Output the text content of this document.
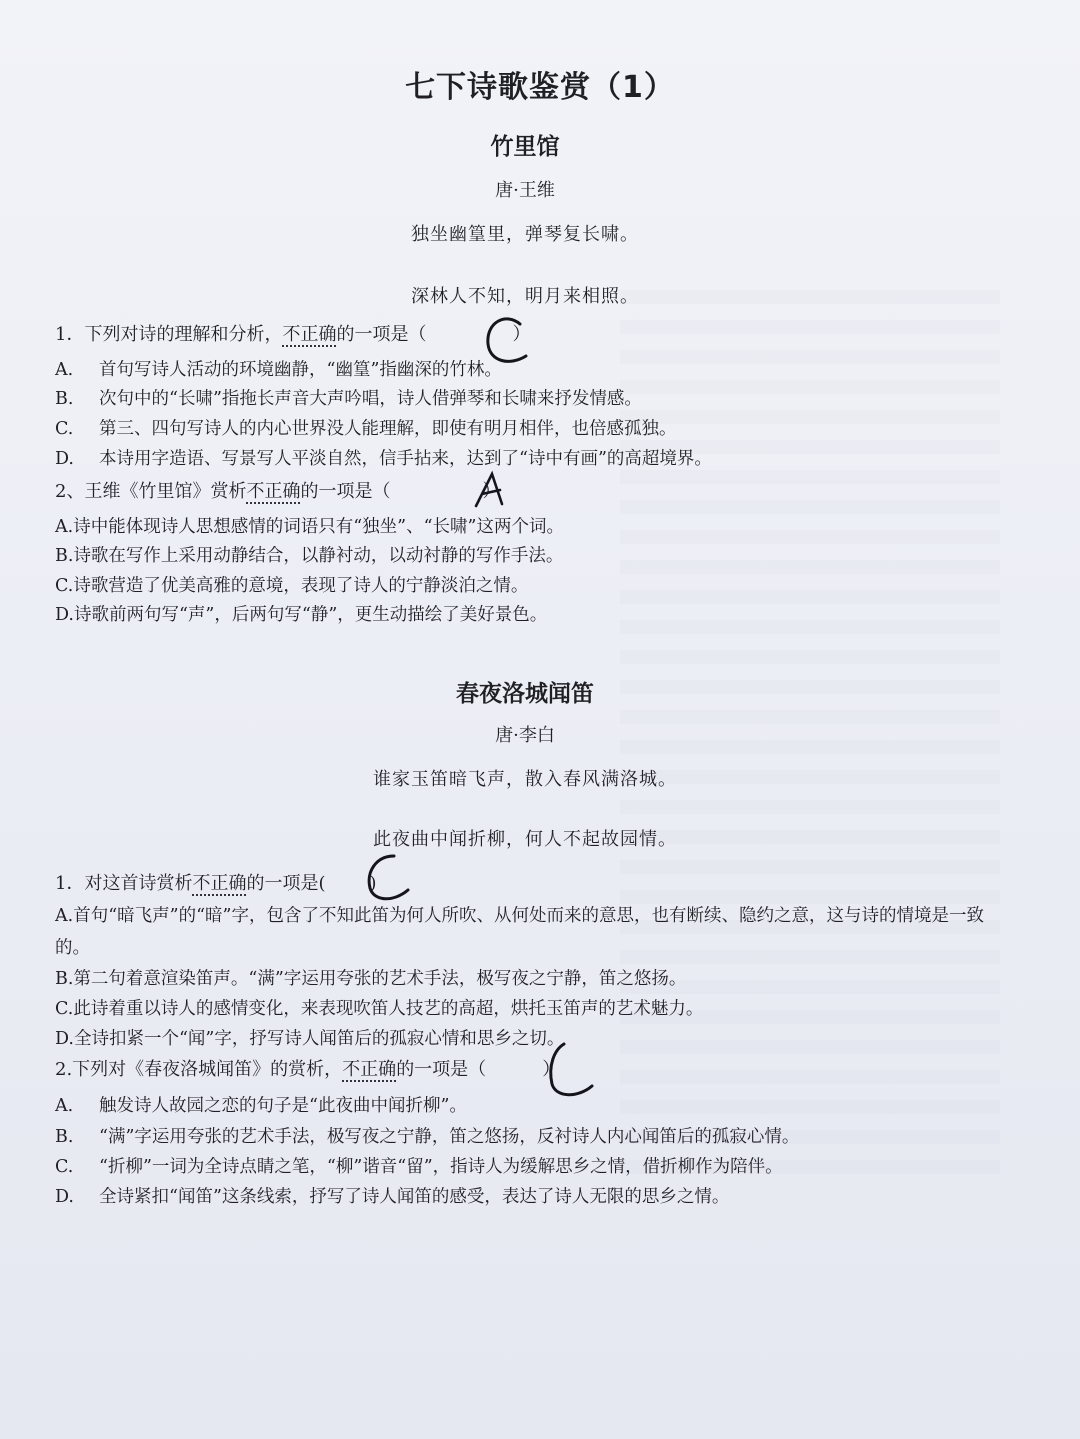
七下诗歌鉴赏（1）
竹里馆
唐·王维
独坐幽篁里，弹琴复长啸。
深林人不知，明月来相照。
1．下列对诗的理解和分析，不正确的一项是（	）
A. 首句写诗人活动的环境幽静，“幽篁”指幽深的竹林。
B. 次句中的“长啸”指拖长声音大声吟唱，诗人借弹琴和长啸来抒发情感。
C. 第三、四句写诗人的内心世界没人能理解，即使有明月相伴，也倍感孤独。
D. 本诗用字造语、写景写人平淡自然，信手拈来，达到了“诗中有画”的高超境界。
2、王维《竹里馆》赏析不正确的一项是（	）
A.诗中能体现诗人思想感情的词语只有“独坐”、“长啸”这两个词。
B.诗歌在写作上采用动静结合，以静衬动，以动衬静的写作手法。
C.诗歌营造了优美高雅的意境，表现了诗人的宁静淡泊之情。
D.诗歌前两句写“声”，后两句写“静”，更生动描绘了美好景色。
春夜洛城闻笛
唐·李白
谁家玉笛暗飞声，散入春风满洛城。
此夜曲中闻折柳，何人不起故园情。
1．对这首诗赏析不正确的一项是( )
A.首句“暗飞声”的“暗”字，包含了不知此笛为何人所吹、从何处而来的意思，也有断续、隐约之意，这与诗的情境是一致的。
B.第二句着意渲染笛声。“满”字运用夸张的艺术手法，极写夜之宁静，笛之悠扬。
C.此诗着重以诗人的感情变化，来表现吹笛人技艺的高超，烘托玉笛声的艺术魅力。
D.全诗扣紧一个“闻”字，抒写诗人闻笛后的孤寂心情和思乡之切。
2.下列对《春夜洛城闻笛》的赏析，不正确的一项是（	）
A. 触发诗人故园之恋的句子是“此夜曲中闻折柳”。
B. “满”字运用夸张的艺术手法，极写夜之宁静，笛之悠扬，反衬诗人内心闻笛后的孤寂心情。
C. “折柳”一词为全诗点睛之笔，“柳”谐音“留”，指诗人为缓解思乡之情，借折柳作为陪伴。
D. 全诗紧扣“闻笛”这条线索，抒写了诗人闻笛的感受，表达了诗人无限的思乡之情。
